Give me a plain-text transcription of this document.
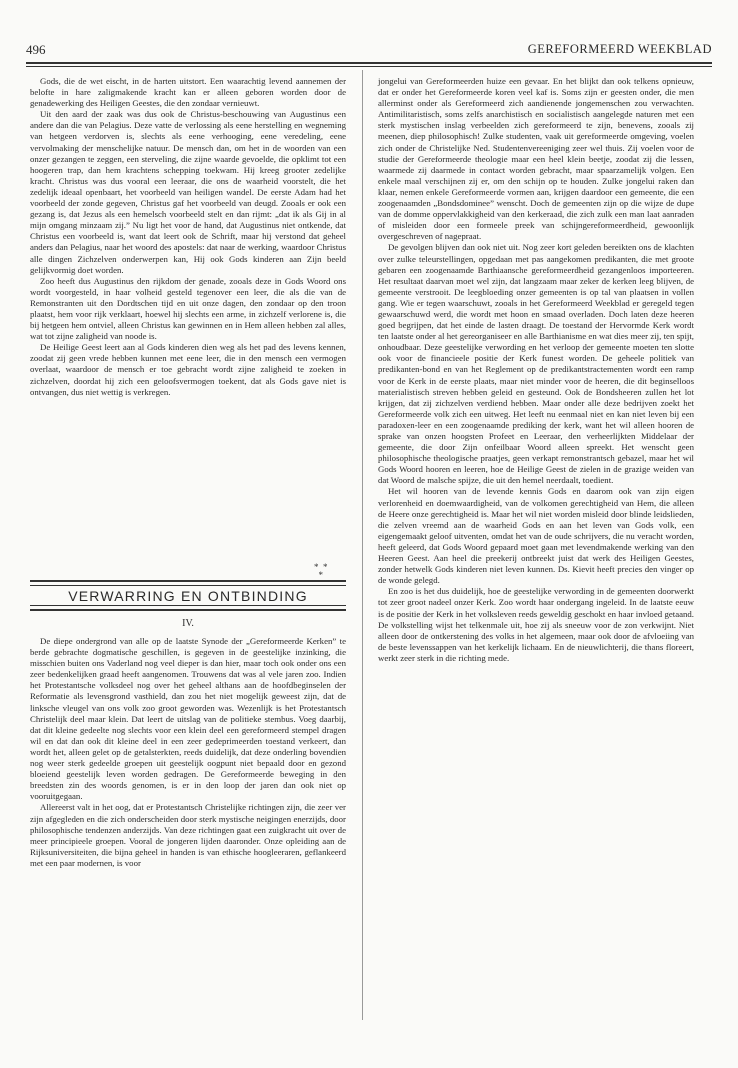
496	GEREFORMEERD WEEKBLAD

Gods, die de wet eischt, in de harten uitstort. Een waarachtig levend aannemen der belofte in hare zaligmakende kracht kan er alleen geboren worden door de genadewerking des Heiligen Geestes, die den zondaar vernieuwt.

Uit den aard der zaak was dus ook de Christus-beschouwing van Augustinus een andere dan die van Pelagius. Deze vatte de verlossing als eene herstelling en wegneming van hetgeen verdorven is, slechts als eene verhooging, eene veredeling, eene vervolmaking der menschelijke natuur. De mensch dan, om het in de woorden van een onzer gezangen te zeggen, een sterveling, die zijne waarde gevoelde, die opklimt tot een hoogeren trap, dan hem krachtens schepping toekwam. Hij kreeg grooter zedelijke kracht. Christus was dus vooral een leeraar, die ons de waarheid voorstelt, die het zedelijk ideaal openbaart, het voorbeeld van heiligen wandel. De eerste Adam had het voorbeeld der zonde gegeven, Christus gaf het voorbeeld van deugd. Zooals er ook een gezang is, dat Jezus als een hemelsch voorbeeld stelt en dan rijmt: „dat ik als Gij in al mijn omgang minzaam zij.” Nu ligt het voor de hand, dat Augustinus niet ontkende, dat Christus een voorbeeld is, want dat leert ook de Schrift, maar hij verstond dat geheel anders dan Pelagius, naar het woord des apostels: dat naar de werking, waardoor Christus alle dingen Zichzelven onderwerpen kan, Hij ook Gods kinderen aan Zijn beeld gelijkvormig doet worden.

Zoo heeft dus Augustinus den rijkdom der genade, zooals deze in Gods Woord ons wordt voorgesteld, in haar volheid gesteld tegenover een leer, die als die van de Remonstranten uit den Dordtschen tijd en uit onze dagen, den zondaar op den troon plaatst, hem voor rijk verklaart, hoewel hij slechts een arme, in zichzelf verlorene is, die bij hetgeen hem ontviel, alleen Christus kan gewinnen en in Hem alleen hebben zal alles, wat tot zijne zaligheid van noode is.

De Heilige Geest leert aan al Gods kinderen dien weg als het pad des levens kennen, zoodat zij geen vrede hebben kunnen met eene leer, die in den mensch een vermogen overlaat, waardoor de mensch er toe gebracht wordt zijne zaligheid te zoeken in zichzelven, doordat hij zich een geloofsvermogen toekent, dat als Gods gave niet is ontvangen, dus niet wettig is verkregen.

*  *
*
VERWARRING EN ONTBINDING
IV.

De diepe ondergrond van alle op de laatste Synode der „Gereformeerde Kerken” te berde gebrachte dogmatische geschillen, is gegeven in de geestelijke inzinking, die misschien buiten ons Vaderland nog veel dieper is dan hier, maar toch ook onder ons een zeer bedenkelijken graad heeft aangenomen. Trouwens dat was al vele jaren zoo. Indien het Protestantsche volksdeel nog over het geheel althans aan de hoofdbeginselen der Reformatie als levensgrond vasthield, dan zou het niet mogelijk geweest zijn, dat de linksche vleugel van ons volk zoo groot geworden was. Wezenlijk is het Protestantsch Christelijk deel maar klein. Dat leert de uitslag van de politieke stembus. Voeg daarbij, dat dit kleine gedeelte nog slechts voor een klein deel een gereformeerd stempel dragen wil en dat dan ook dit kleine deel in een zeer gedeprimeerden toestand verkeert, dan wordt het, alleen gelet op de getalsterkten, reeds duidelijk, dat deze onderling bovendien nog weer sterk gedeelde groepen uit geestelijk oogpunt niet bepaald door en gezond bloeiend geestelijk leven worden gedragen. De Gereformeerde beweging in den breedsten zin des woords genomen, is er in den loop der jaren dan ook niet op vooruitgegaan.

Allereerst valt in het oog, dat er Protestantsch Christelijke richtingen zijn, die zeer ver zijn afgegleden en die zich onderscheiden door sterk mystische neigingen enerzijds, door philosophische tendenzen anderzijds. Van deze richtingen gaat een zuigkracht uit over de meer principieele groepen. Vooral de jongeren lijden daaronder. Onze opleiding aan de Rijksuniversiteiten, die bijna geheel in handen is van ethische hoogleeraren, geflankeerd met een paar modernen, is voor

jongelui van Gereformeerden huize een gevaar. En het blijkt dan ook telkens opnieuw, dat er onder het Gereformeerde koren veel kaf is. Soms zijn er geesten onder, die men allerminst onder als Gereformeerd zich aandienende jongemenschen zou verwachten. Antimilitaristisch, soms zelfs anarchistisch en socialistisch aangelegde naturen met een sterk mystischen inslag verbeelden zich gereformeerd te zijn, benevens, zooals zij meenen, diep philosophisch! Zulke studenten, vaak uit gereformeerde omgeving, voelen zich onder de Christelijke Ned. Studentenvereeniging zeer wel thuis. Zij voelen voor de studie der Gereformeerde theologie maar een heel klein beetje, zoodat zij die lessen, waarmede zij daarmede in contact worden gebracht, maar spaarzamelijk volgen. Een enkele maal verschijnen zij er, om den schijn op te houden. Zulke jongelui raken dan klaar, nemen enkele Gereformeerde vormen aan, krijgen daardoor een gemeente, die een zoogenaamden „Bondsdominee” wenscht. Doch de gemeenten zijn op die wijze de dupe van de domme oppervlakkigheid van den kerkeraad, die zich zulk een man laat aanraden of misleiden door een formeele preek van schijngereformeerdheid, gewoonlijk overgeschreven of nagepraat.

De gevolgen blijven dan ook niet uit. Nog zeer kort geleden bereikten ons de klachten over zulke teleurstellingen, opgedaan met pas aangekomen predikanten, die met groote gebaren een zoogenaamde Barthiaansche gereformeerdheid gezangenloos importeeren. Het resultaat daarvan moet wel zijn, dat langzaam maar zeker de kerken leeg blijven, de gemeente verstrooit. De leegbloeding onzer gemeenten is op tal van plaatsen in vollen gang. Wie er tegen waarschuwt, zooals in het Gereformeerd Weekblad er geregeld tegen gewaarschuwd werd, die wordt met hoon en smaad overladen. Doch laten deze heeren goed begrijpen, dat het einde de lasten draagt. De toestand der Hervormde Kerk wordt ten laatste onder al het gereorganiseer en alle Barthianisme en wat dies meer zij, ten spijt, onhoudbaar. Deze geestelijke verwording en het verloop der gemeente moeten ten slotte ook voor de financieele positie der Kerk funest worden. De geheele politiek van predikanten-bond en van het Reglement op de predikantstractementen wordt een ramp voor de Kerk in de eerste plaats, maar niet minder voor de heeren, die dit beginselloos materialistisch streven hebben geleid en gesteund. Ook de Bondsheeren zullen het lot krijgen, dat zij zichzelven verdiend hebben. Maar onder alle deze bedrijven zoekt het Gereformeerde volk zich een uitweg. Het leeft nu eenmaal niet en kan niet leven bij een paradoxen-leer en een zoogenaamde prediking der kerk, want het wil alleen hooren de sprake van onzen hoogsten Profeet en Leeraar, den verheerlijkten Middelaar der gemeente, die door Zijn onfeilbaar Woord alleen spreekt. Het wenscht geen philosophische theologische praatjes, geen verkapt remonstrantsch gebazel, maar het wil Gods Woord hooren en leeren, hoe de Heilige Geest de zielen in de grazige weiden van dat Woord de malsche spijze, die uit den hemel neerdaalt, toedient.

Het wil hooren van de levende kennis Gods en daarom ook van zijn eigen verlorenheid en doemwaardigheid, van de volkomen gerechtigheid van Hem, die alleen de Heere onze gerechtigheid is. Maar het wil niet worden misleid door blinde leidslieden, die zelven vreemd aan de waarheid Gods en aan het leven van Gods volk, een eigengemaakt geloof uitventen, omdat het van de oude schrijvers, die nu veracht worden, heeft geleerd, dat Gods Woord gepaard moet gaan met levendmakende werking van den Heeren Geest. Aan heel die preekerij ontbreekt juist dat werk des Heiligen Geestes, zonder hetwelk Gods kinderen niet leven kunnen. Ds. Kievit heeft precies den vinger op de wonde gelegd.

En zoo is het dus duidelijk, hoe de geestelijke verwording in de gemeenten doorwerkt tot zeer groot nadeel onzer Kerk. Zoo wordt haar ondergang ingeleid. In de laatste eeuw is de positie der Kerk in het volksleven reeds geweldig geschokt en haar invloed getaand. De volkstelling wijst het telkenmale uit, hoe zij als sneeuw voor de zon verkwijnt. Niet alleen door de ontkerstening des volks in het algemeen, maar ook door de afvloeiing van de beste levenssappen van het kerkelijk lichaam. En de nieuwlichterij, die thans floreert, werkt zeer sterk in die richting mede.
